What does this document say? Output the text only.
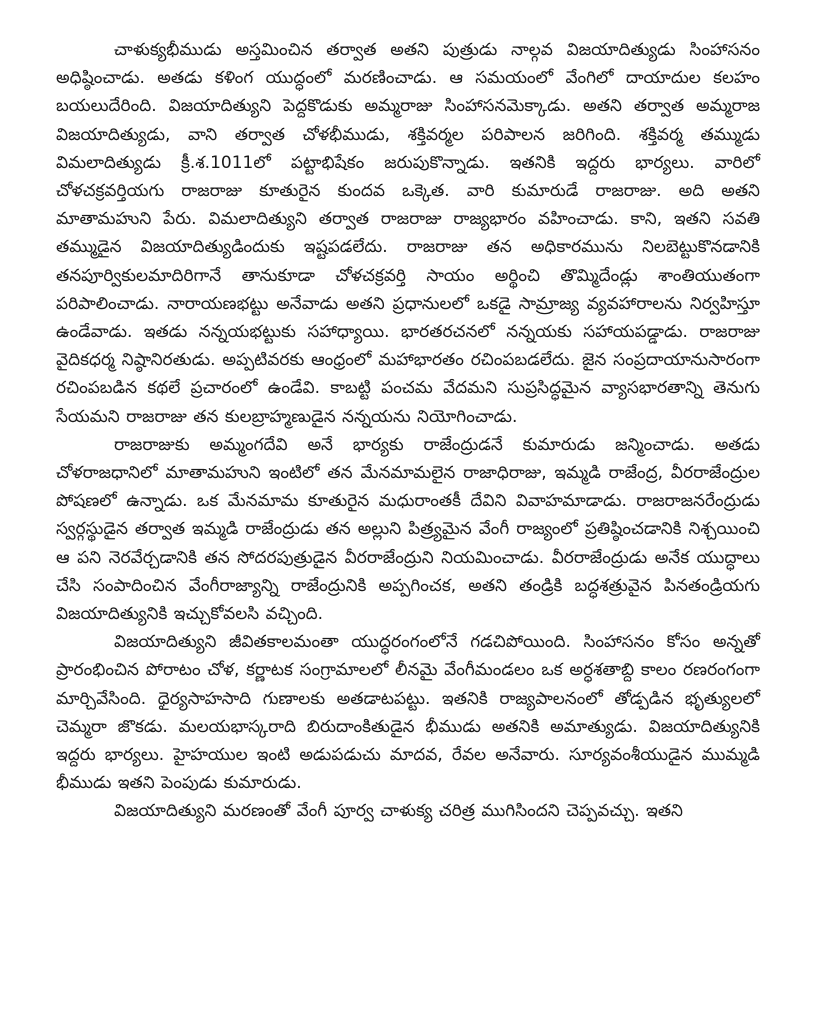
చాళుక్యభీముడు అస్తమించిన తర్వాత అతని పుత్రుడు నాల్గవ విజయాదిత్యుడు సింహాసనం అధిష్ఠించాడు. అతడు కళింగ యుద్ధంలో మరణించాడు. ఆ సమయంలో వేంగిలో దాయాదుల కలహం బయలుదేరింది. విజయాదిత్యుని పెద్దకొడుకు అమ్మరాజు సింహాసనమెక్కాడు. అతని తర్వాత అమ్మరాజ విజయాదిత్యుడు, వాని తర్వాత చోళభీముడు, శక్తివర్మల పరిపాలన జరిగింది. శక్తివర్మ తమ్ముడు విమలాదిత్యుడు క్రీ.శ.1011లో పట్టాభిషేకం జరుపుకొన్నాడు. ఇతనికి ఇద్దరు భార్యలు. వారిలో చోళచక్రవర్తియగు రాజరాజు కూతురైన కుందవ ఒక్కెత. వారి కుమారుడే రాజరాజు. అది అతని మాతామహుని పేరు. విమలాదిత్యుని తర్వాత రాజరాజు రాజ్యభారం వహించాడు. కాని, ఇతని సవతి తమ్ముడైన విజయాదిత్యుడిందుకు ఇష్టపడలేదు. రాజరాజు తన అధికారమును నిలబెట్టుకొనడానికి తనపూర్వికులమాదిరిగానే తానుకూడా చోళచక్రవర్తి సాయం అర్థించి తొమ్మిదేండ్లు శాంతియుతంగా పరిపాలించాడు. నారాయణభట్టు అనేవాడు అతని ప్రధానులలో ఒకడై సామ్రాజ్య వ్యవహారాలను నిర్వహిస్తూ ఉండేవాడు. ఇతడు నన్నయభట్టుకు సహాధ్యాయి. భారతరచనలో నన్నయకు సహాయపడ్డాడు. రాజరాజు వైదికధర్మ నిష్ఠానిరతుడు. అప్పటివరకు ఆంధ్రంలో మహాభారతం రచింపబడలేదు. జైన సంప్రదాయానుసారంగా రచింపబడిన కథలే ప్రచారంలో ఉండేవి. కాబట్టి పంచమ వేదమని సుప్రసిద్ధమైన వ్యాసభారతాన్ని తెనుగు సేయమని రాజరాజు తన కులబ్రాహ్మణుడైన నన్నయను నియోగించాడు.

రాజరాజుకు అమ్మంగదేవి అనే భార్యకు రాజేంద్రుడనే కుమారుడు జన్మించాడు. అతడు చోళరాజధానిలో మాతామహుని ఇంటిలో తన మేనమామలైన రాజాధిరాజు, ఇమ్మడి రాజేంద్ర, వీరరాజేంద్రుల పోషణలో ఉన్నాడు. ఒక మేనమామ కూతురైన మధురాంతకీ దేవిని వివాహమాడాడు. రాజరాజనరేంద్రుడు స్వర్గస్థుడైన తర్వాత ఇమ్మడి రాజేంద్రుడు తన అల్లుని పిత్ర్యమైన వేంగీ రాజ్యంలో ప్రతిష్ఠించడానికి నిశ్చయించి ఆ పని నెరవేర్చడానికి తన సోదరపుత్రుడైన వీరరాజేంద్రుని నియమించాడు. వీరరాజేంద్రుడు అనేక యుద్ధాలు చేసి సంపాదించిన వేంగీరాజ్యాన్ని రాజేంద్రునికి అప్పగించక, అతని తండ్రికి బద్ధశత్రువైన పినతండ్రియగు విజయాదిత్యునికి ఇచ్చుకోవలసి వచ్చింది.

విజయాదిత్యుని జీవితకాలమంతా యుద్ధరంగంలోనే గడచిపోయింది. సింహాసనం కోసం అన్నతో ప్రారంభించిన పోరాటం చోళ, కర్ణాటక సంగ్రామాలలో లీనమై వేంగీమండలం ఒక అర్ధశతాబ్ది కాలం రణరంగంగా మార్చివేసింది. ధైర్యసాహసాది గుణాలకు అతడాటపట్టు. ఇతనికి రాజ్యపాలనంలో తోడ్పడిన భృత్యులలో చెమ్మరా జొకడు. మలయభాస్కరాది బిరుదాంకితుడైన భీముడు అతనికి అమాత్యుడు. విజయాదిత్యునికి ఇద్దరు భార్యలు. హైహయుల ఇంటి అడుపడుచు మాదవ, రేవల అనేవారు. సూర్యవంశీయుడైన ముమ్మడి భీముడు ఇతని పెంపుడు కుమారుడు.

విజయాదిత్యుని మరణంతో వేంగీ పూర్వ చాళుక్య చరిత్ర ముగిసిందని చెప్పవచ్చు. ఇతని
